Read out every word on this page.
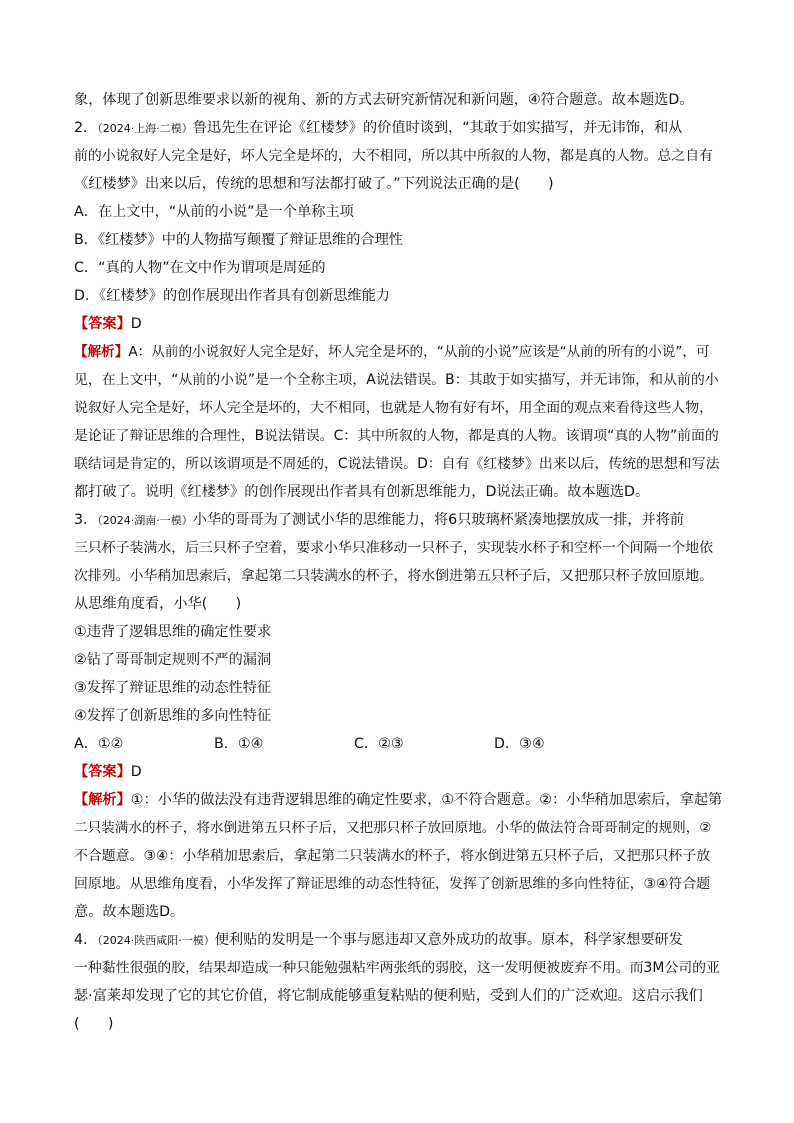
象，体现了创新思维要求以新的视角、新的方式去研究新情况和新问题，④符合题意。故本题选D。
2．（2024·上海·二模）鲁迅先生在评论《红楼梦》的价值时谈到，“其敢于如实描写，并无讳饰，和从
前的小说叙好人完全是好，坏人完全是坏的，大不相同，所以其中所叙的人物，都是真的人物。总之自有
《红楼梦》出来以后，传统的思想和写法都打破了。”下列说法正确的是(　　)
A．在上文中，“从前的小说”是一个单称主项
B．《红楼梦》中的人物描写颠覆了辩证思维的合理性
C．“真的人物”在文中作为谓项是周延的
D．《红楼梦》的创作展现出作者具有创新思维能力
【答案】D
【解析】A：从前的小说叙好人完全是好，坏人完全是坏的，“从前的小说”应该是“从前的所有的小说”，可
见，在上文中，“从前的小说”是一个全称主项，A说法错误。B：其敢于如实描写，并无讳饰，和从前的小
说叙好人完全是好，坏人完全是坏的，大不相同，也就是人物有好有坏，用全面的观点来看待这些人物，
是论证了辩证思维的合理性，B说法错误。C：其中所叙的人物，都是真的人物。该谓项“真的人物”前面的
联结词是肯定的，所以该谓项是不周延的，C说法错误。D：自有《红楼梦》出来以后，传统的思想和写法
都打破了。说明《红楼梦》的创作展现出作者具有创新思维能力，D说法正确。故本题选D。
3．（2024·湖南·一模）小华的哥哥为了测试小华的思维能力，将6只玻璃杯紧凑地摆放成一排，并将前
三只杯子装满水，后三只杯子空着，要求小华只准移动一只杯子，实现装水杯子和空杯一个间隔一个地依
次排列。小华稍加思索后，拿起第二只装满水的杯子，将水倒进第五只杯子后，又把那只杯子放回原地。
从思维角度看，小华(　　)
①违背了逻辑思维的确定性要求
②钻了哥哥制定规则不严的漏洞
③发挥了辩证思维的动态性特征
④发挥了创新思维的多向性特征
A．①②	B．①④	C．②③	D．③④
【答案】D
【解析】①：小华的做法没有违背逻辑思维的确定性要求，①不符合题意。②：小华稍加思索后，拿起第
二只装满水的杯子，将水倒进第五只杯子后，又把那只杯子放回原地。小华的做法符合哥哥制定的规则，②
不合题意。③④：小华稍加思索后，拿起第二只装满水的杯子，将水倒进第五只杯子后，又把那只杯子放
回原地。从思维角度看，小华发挥了辩证思维的动态性特征，发挥了创新思维的多向性特征，③④符合题
意。故本题选D。
4．（2024·陕西咸阳·一模）便利贴的发明是一个事与愿违却又意外成功的故事。原本，科学家想要研发
一种黏性很强的胶，结果却造成一种只能勉强粘牢两张纸的弱胶，这一发明便被废弃不用。而3M公司的亚
瑟·富莱却发现了它的其它价值，将它制成能够重复粘贴的便利贴，受到人们的广泛欢迎。这启示我们
(　　)
